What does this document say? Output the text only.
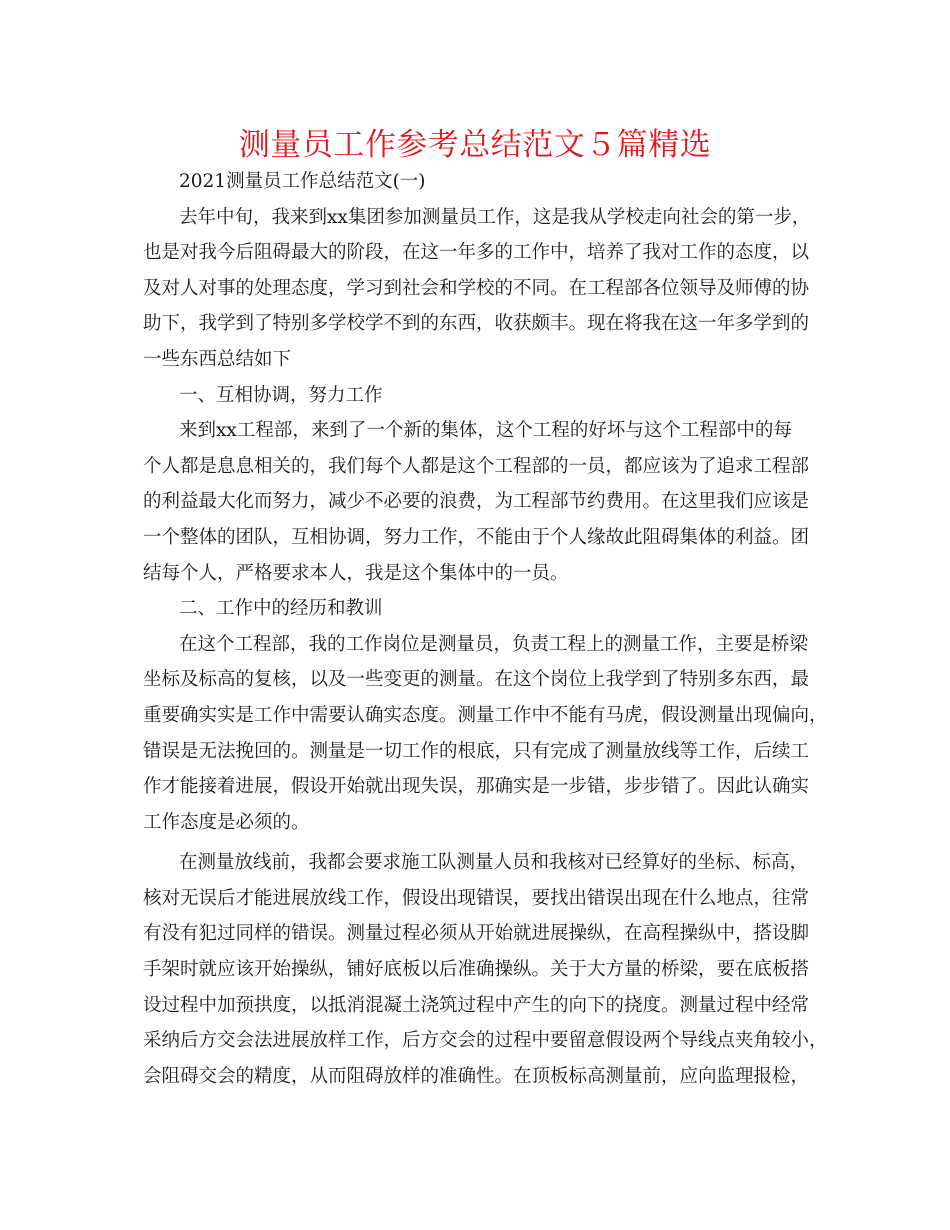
测量员工作参考总结范文５篇精选
2021测量员工作总结范文(一)
去年中旬，我来到xx集团参加测量员工作，这是我从学校走向社会的第一步，
也是对我今后阻碍最大的阶段，在这一年多的工作中，培养了我对工作的态度，以
及对人对事的处理态度，学习到社会和学校的不同。在工程部各位领导及师傅的协
助下，我学到了特别多学校学不到的东西，收获颇丰。现在将我在这一年多学到的
一些东西总结如下
一、互相协调，努力工作
来到xx工程部，来到了一个新的集体，这个工程的好坏与这个工程部中的每
个人都是息息相关的，我们每个人都是这个工程部的一员，都应该为了追求工程部
的利益最大化而努力，减少不必要的浪费，为工程部节约费用。在这里我们应该是
一个整体的团队，互相协调，努力工作，不能由于个人缘故此阻碍集体的利益。团
结每个人，严格要求本人，我是这个集体中的一员。
二、工作中的经历和教训
在这个工程部，我的工作岗位是测量员，负责工程上的测量工作，主要是桥梁
坐标及标高的复核，以及一些变更的测量。在这个岗位上我学到了特别多东西，最
重要确实实是工作中需要认确实态度。测量工作中不能有马虎，假设测量出现偏向，
错误是无法挽回的。测量是一切工作的根底，只有完成了测量放线等工作，后续工
作才能接着进展，假设开始就出现失误，那确实是一步错，步步错了。因此认确实
工作态度是必须的。
在测量放线前，我都会要求施工队测量人员和我核对已经算好的坐标、标高，
核对无误后才能进展放线工作，假设出现错误，要找出错误出现在什么地点，往常
有没有犯过同样的错误。测量过程必须从开始就进展操纵，在高程操纵中，搭设脚
手架时就应该开始操纵，铺好底板以后准确操纵。关于大方量的桥梁，要在底板搭
设过程中加预拱度，以抵消混凝土浇筑过程中产生的向下的挠度。测量过程中经常
采纳后方交会法进展放样工作，后方交会的过程中要留意假设两个导线点夹角较小，
会阻碍交会的精度，从而阻碍放样的准确性。在顶板标高测量前，应向监理报检，
